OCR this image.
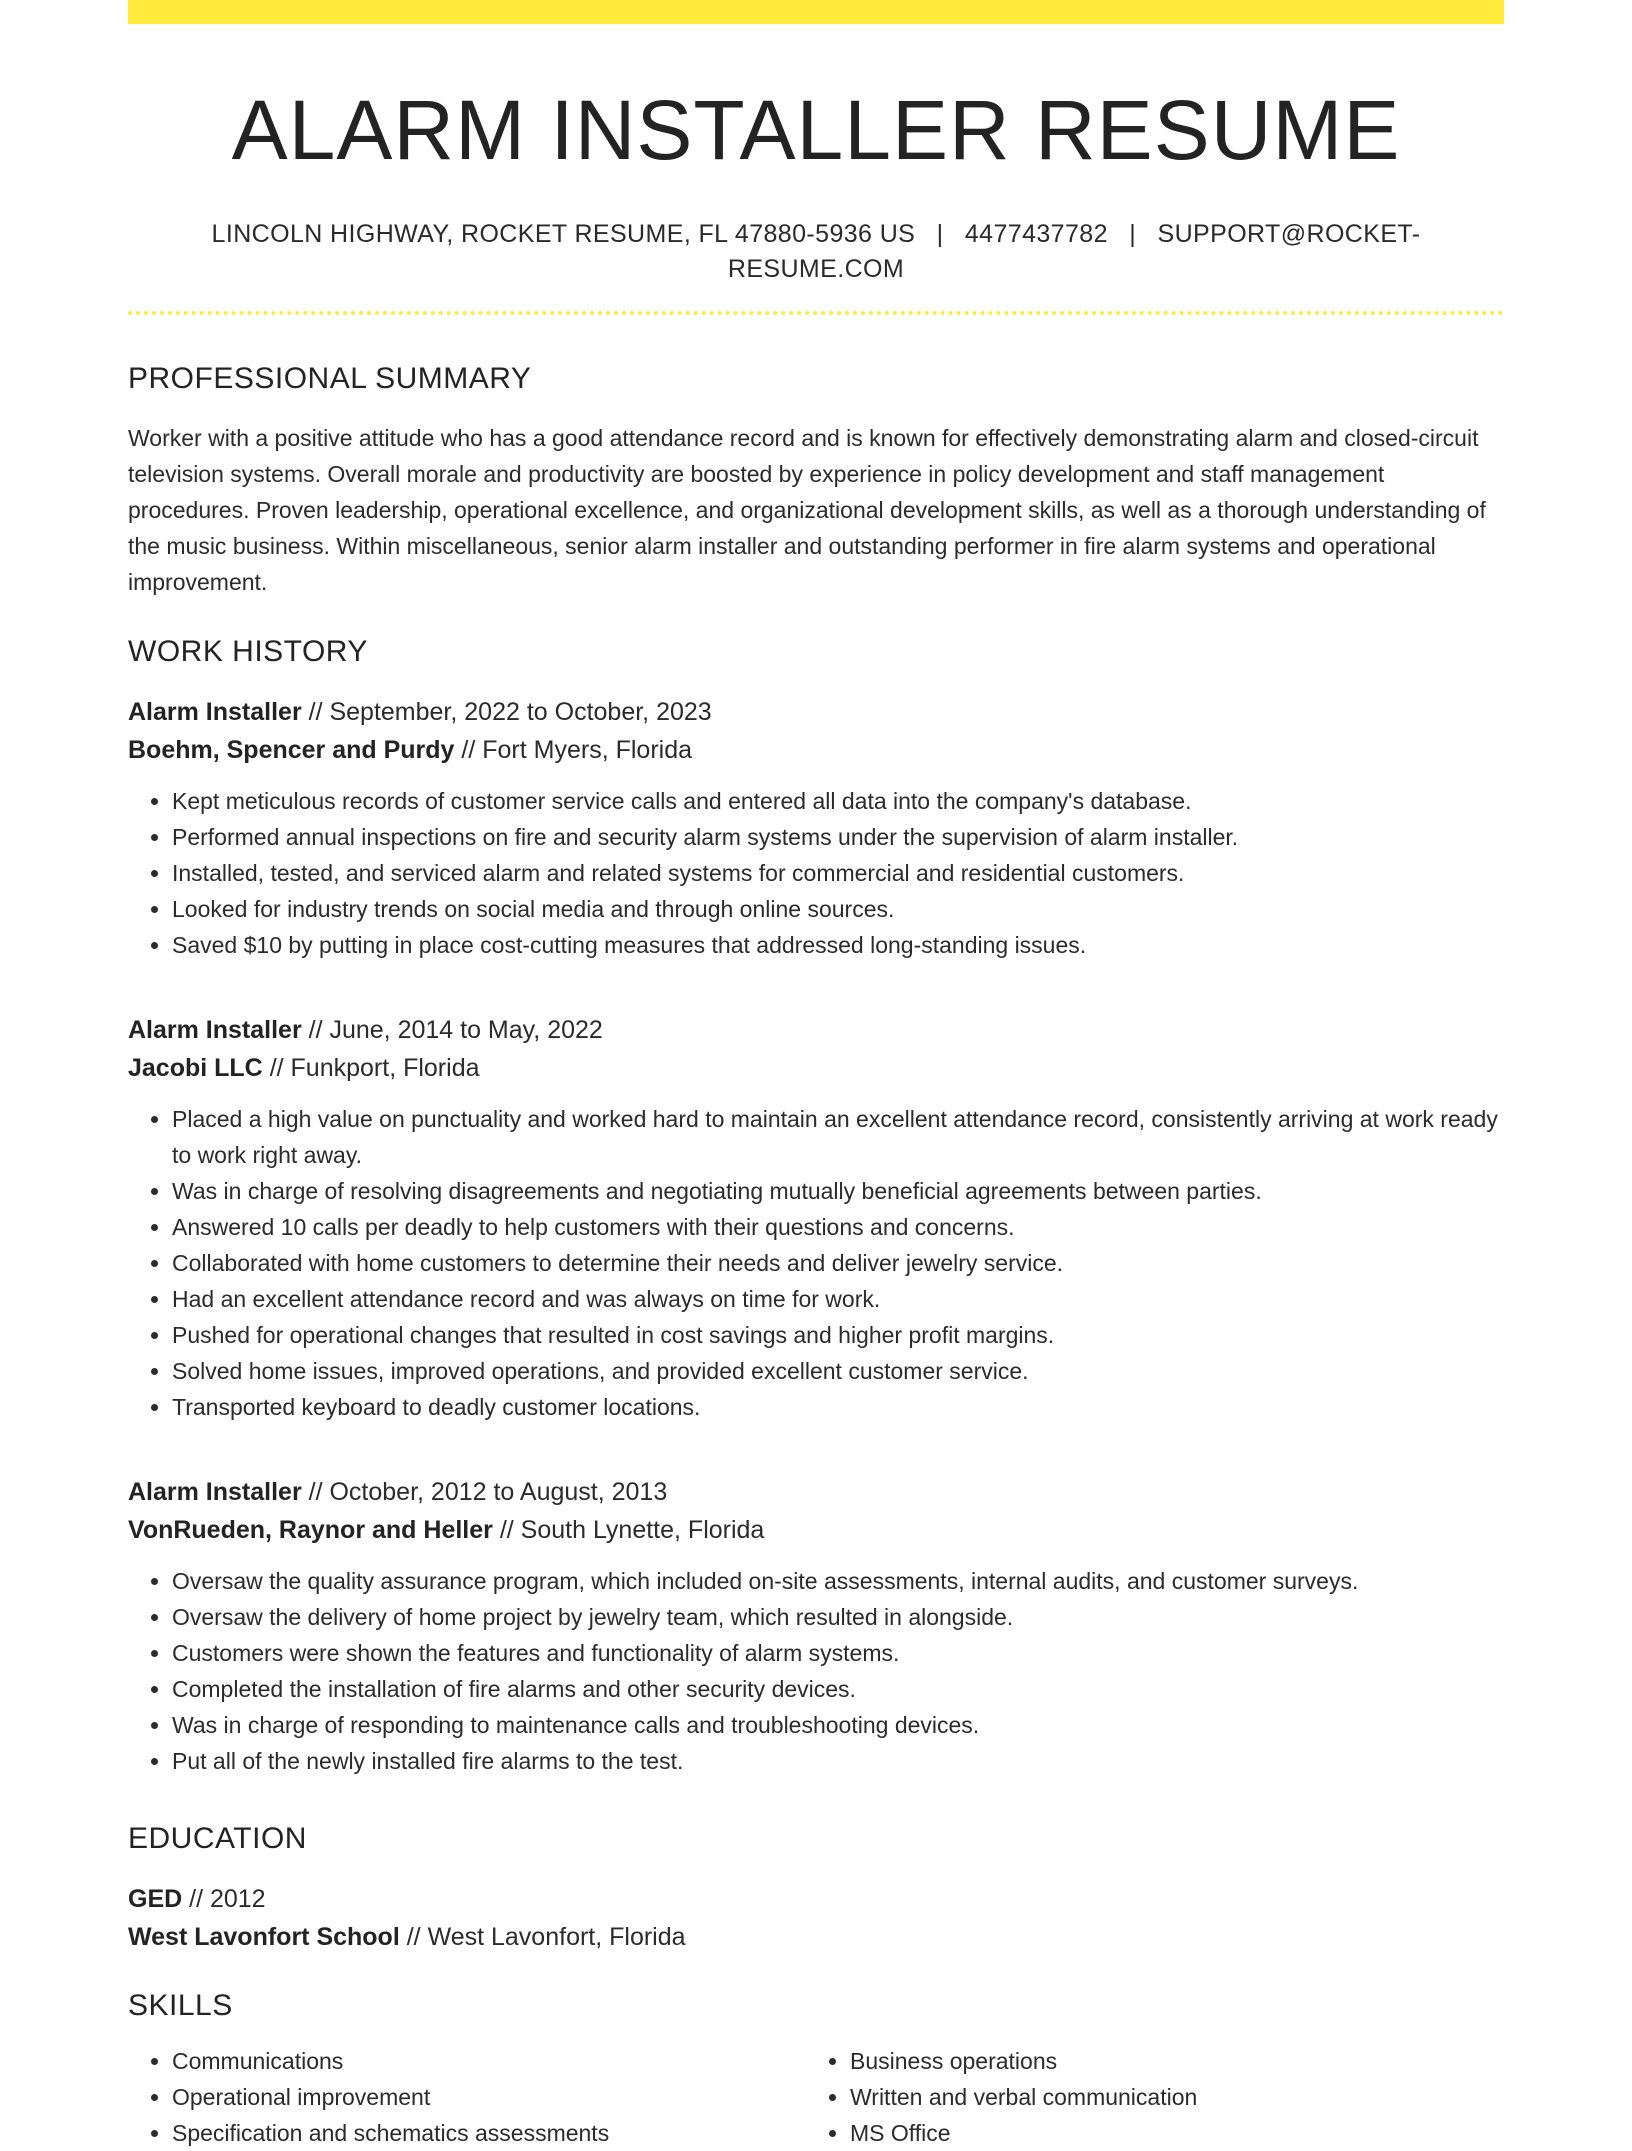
ALARM INSTALLER RESUME
LINCOLN HIGHWAY, ROCKET RESUME, FL 47880-5936 US | 4477437782 | SUPPORT@ROCKET-RESUME.COM
PROFESSIONAL SUMMARY

Worker with a positive attitude who has a good attendance record and is known for effectively demonstrating alarm and closed-circuit television systems. Overall morale and productivity are boosted by experience in policy development and staff management procedures. Proven leadership, operational excellence, and organizational development skills, as well as a thorough understanding of the music business. Within miscellaneous, senior alarm installer and outstanding performer in fire alarm systems and operational improvement.

WORK HISTORY
Alarm Installer // September, 2022 to October, 2023
Boehm, Spencer and Purdy // Fort Myers, Florida
• Kept meticulous records of customer service calls and entered all data into the company's database.
• Performed annual inspections on fire and security alarm systems under the supervision of alarm installer.
• Installed, tested, and serviced alarm and related systems for commercial and residential customers.
• Looked for industry trends on social media and through online sources.
• Saved $10 by putting in place cost-cutting measures that addressed long-standing issues.
Alarm Installer // June, 2014 to May, 2022
Jacobi LLC // Funkport, Florida
• Placed a high value on punctuality and worked hard to maintain an excellent attendance record, consistently arriving at work ready to work right away.
• Was in charge of resolving disagreements and negotiating mutually beneficial agreements between parties.
• Answered 10 calls per deadly to help customers with their questions and concerns.
• Collaborated with home customers to determine their needs and deliver jewelry service.
• Had an excellent attendance record and was always on time for work.
• Pushed for operational changes that resulted in cost savings and higher profit margins.
• Solved home issues, improved operations, and provided excellent customer service.
• Transported keyboard to deadly customer locations.
Alarm Installer // October, 2012 to August, 2013
VonRueden, Raynor and Heller // South Lynette, Florida
• Oversaw the quality assurance program, which included on-site assessments, internal audits, and customer surveys.
• Oversaw the delivery of home project by jewelry team, which resulted in alongside.
• Customers were shown the features and functionality of alarm systems.
• Completed the installation of fire alarms and other security devices.
• Was in charge of responding to maintenance calls and troubleshooting devices.
• Put all of the newly installed fire alarms to the test.
EDUCATION
GED // 2012
West Lavonfort School // West Lavonfort, Florida
SKILLS
• Communications
• Operational improvement
• Specification and schematics assessments
• Business operations
• Written and verbal communication
• MS Office
